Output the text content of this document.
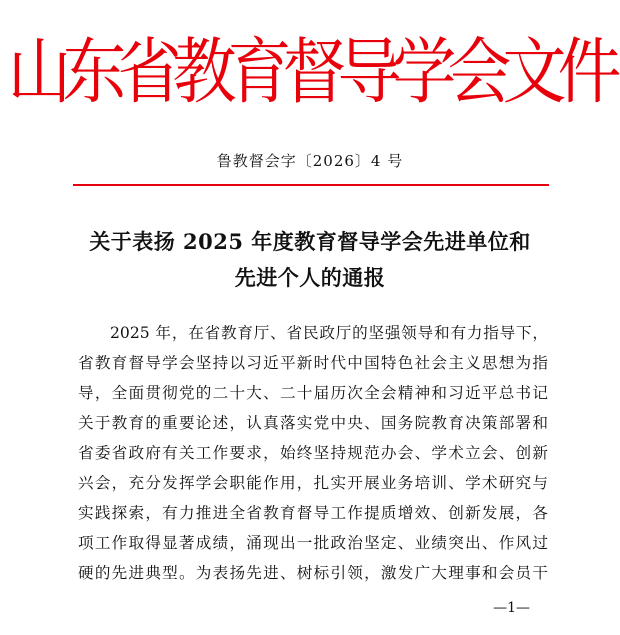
山东省教育督导学会文件
鲁教督会字〔2026〕4 号
关于表扬 2025 年度教育督导学会先进单位和
先进个人的通报
2025 年，在省教育厅、省民政厅的坚强领导和有力指导下，
省教育督导学会坚持以习近平新时代中国特色社会主义思想为指
导，全面贯彻党的二十大、二十届历次全会精神和习近平总书记
关于教育的重要论述，认真落实党中央、国务院教育决策部署和
省委省政府有关工作要求，始终坚持规范办会、学术立会、创新
兴会，充分发挥学会职能作用，扎实开展业务培训、学术研究与
实践探索，有力推进全省教育督导工作提质增效、创新发展，各
项工作取得显著成绩，涌现出一批政治坚定、业绩突出、作风过
硬的先进典型。为表扬先进、树标引领，激发广大理事和会员干
—1—
